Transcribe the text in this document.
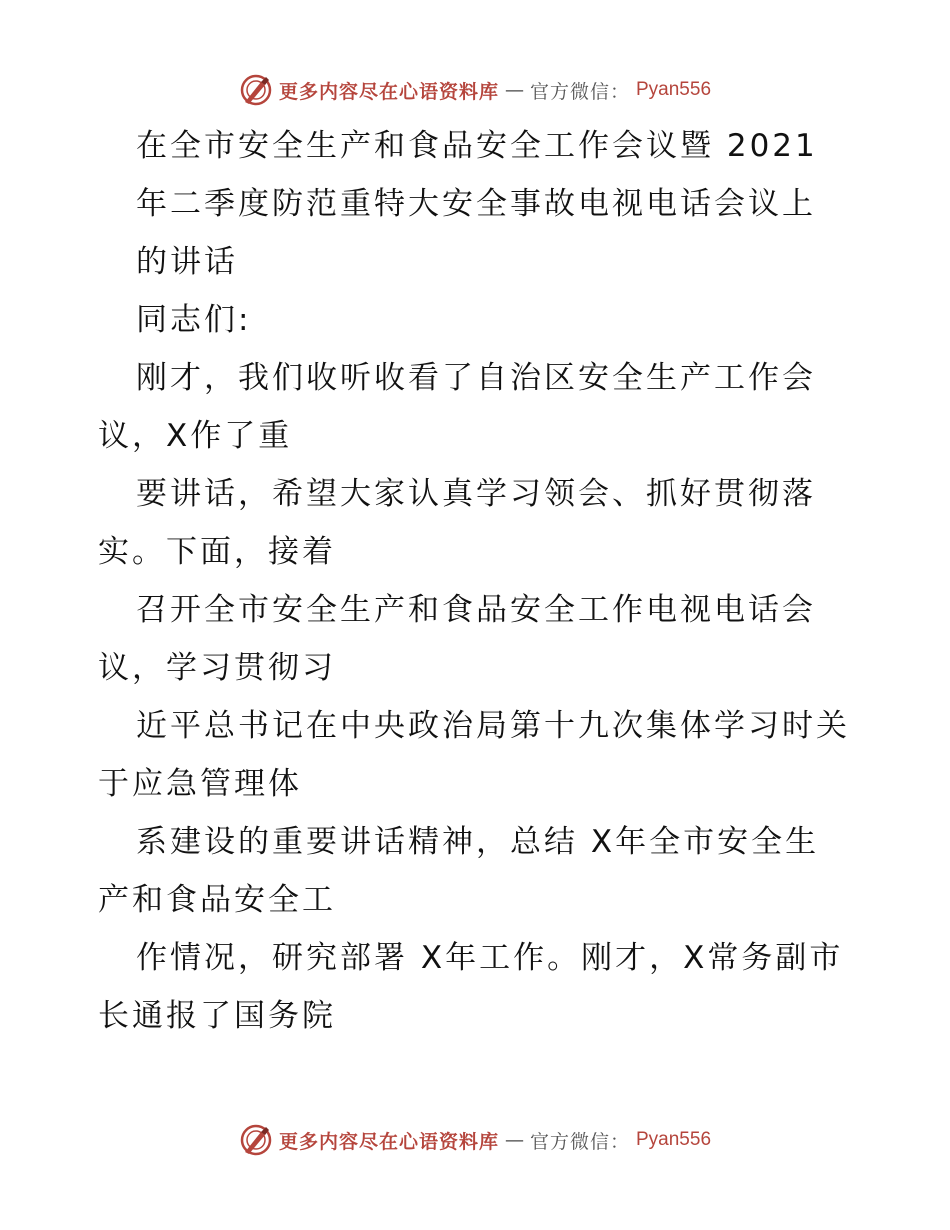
更多内容尽在心语资料库 — 官方微信： Pyan556
在全市安全生产和食品安全工作会议暨 2021
年二季度防范重特大安全事故电视电话会议上
的讲话
同志们:
刚才，我们收听收看了自治区安全生产工作会
议，X作了重
要讲话，希望大家认真学习领会、抓好贯彻落
实。下面，接着
召开全市安全生产和食品安全工作电视电话会
议，学习贯彻习
近平总书记在中央政治局第十九次集体学习时关
于应急管理体
系建设的重要讲话精神，总结 X年全市安全生
产和食品安全工
作情况，研究部署 X年工作。刚才，X常务副市
长通报了国务院
更多内容尽在心语资料库 — 官方微信： Pyan556
